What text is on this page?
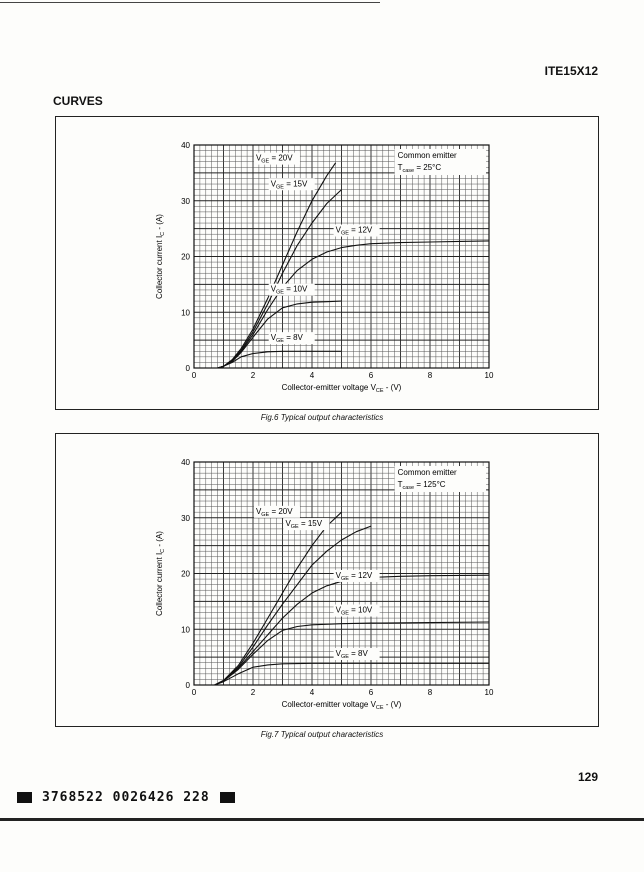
ITE15X12
CURVES
0
10
20
30
40
0	2	4	6	8	10
Collector-emitter voltage $V_{CE} - (V)$
Collector current $I_C - (A)$
Common emitter
$T_{case} = 25^\circ C$
$V_{GE} = 20V$
$V_{GE} = 15V$
$V_{GE} = 12V$
$V_{GE} = 10V$
$V_{GE} = 8V$
Fig.6 Typical output characteristics
0
10
20
30
40
0	2	4	6	8	10
Collector-emitter voltage $V_{CE} - (V)$
Collector current $I_C - (A)$
Common emitter
$T_{case} = 125^\circ C$
$V_{GE} = 20V$
$V_{GE} = 15V$
$V_{GE} = 12V$
$V_{GE} = 10V$
$V_{GE} = 8V$
Fig.7 Typical output characteristics
129
3768522 0026426 228
